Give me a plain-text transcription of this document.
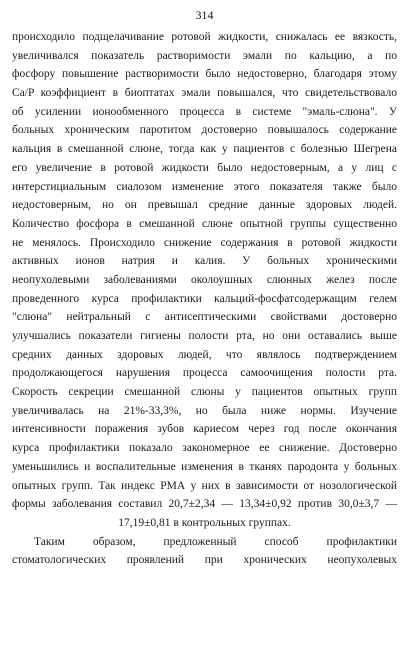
314
происходило подщелачивание ротовой жидкости, снижалась ее вязкость,
увеличивался показатель растворимости эмали по кальцию, а по
фосфору повышение растворимости было недостоверно, благодаря этому
Ca/P коэффициент в биоптатах эмали повышался, что свидетельствовало
об усилении ионообменного процесса в системе "эмаль-слюна". У
больных хроническим паротитом достоверно повышалось содержание
кальция в смешанной слюне, тогда как у пациентов с болезнью Шегрена
его увеличение в ротовой жидкости было недостоверным, а у лиц с
интерстициальным сиалозом изменение этого показателя также было
недостоверным, но он превышал средние данные здоровых людей.
Количество фосфора в смешанной слюне опытной группы существенно
не менялось. Происходило снижение содержания в ротовой жидкости
активных ионов натрия и калия. У больных хроническими
неопухолевыми заболеваниями околоушных слюнных желез после
проведенного курса профилактики кальций-фосфатсодержащим гелем
"слюна" нейтральный с антисептическими свойствами достоверно
улучшались показатели гигиены полости рта, но они оставались выше
средних данных здоровых людей, что являлось подтверждением
продолжающегося нарушения процесса самоочищения полости рта.
Скорость секреции смешанной слюны у пациентов опытных групп
увеличивалась на 21%-33,3%, но была ниже нормы. Изучение
интенсивности поражения зубов кариесом через год после окончания
курса профилактики показало закономерное ее снижение. Достоверно
уменьшились и воспалительные изменения в тканях пародонта у больных
опытных групп. Так индекс РМА у них в зависимости от нозологической
формы заболевания составил 20,7±2,34 — 13,34±0,92 против 30,0±3,7 —
17,19±0,81 в контрольных группах.
Таким образом, предложенный способ профилактики
стоматологических проявлений при хронических неопухолевых
